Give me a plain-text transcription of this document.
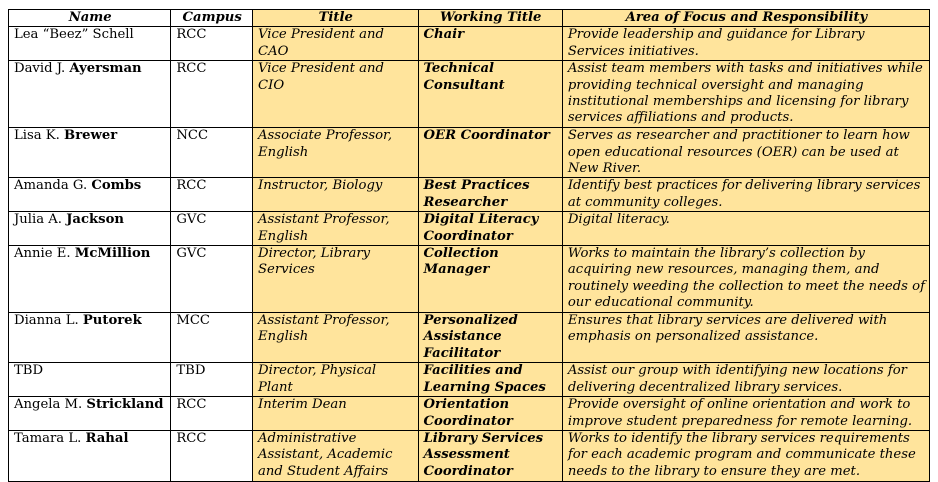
Name	Campus	Title	Working Title	Area of Focus and Responsibility
Lea “Beez” Schell	RCC	Vice President and CAO	Chair	Provide leadership and guidance for Library Services initiatives.
David J. Ayersman	RCC	Vice President and CIO	Technical Consultant	Assist team members with tasks and initiatives while providing technical oversight and managing institutional memberships and licensing for library services affiliations and products.
Lisa K. Brewer	NCC	Associate Professor, English	OER Coordinator	Serves as researcher and practitioner to learn how open educational resources (OER) can be used at New River.
Amanda G. Combs	RCC	Instructor, Biology	Best Practices Researcher	Identify best practices for delivering library services at community colleges.
Julia A. Jackson	GVC	Assistant Professor, English	Digital Literacy Coordinator	Digital literacy.
Annie E. McMillion	GVC	Director, Library Services	Collection Manager	Works to maintain the library’s collection by acquiring new resources, managing them, and routinely weeding the collection to meet the needs of our educational community.
Dianna L. Putorek	MCC	Assistant Professor, English	Personalized Assistance Facilitator	Ensures that library services are delivered with emphasis on personalized assistance.
TBD	TBD	Director, Physical Plant	Facilities and Learning Spaces	Assist our group with identifying new locations for delivering decentralized library services.
Angela M. Strickland	RCC	Interim Dean	Orientation Coordinator	Provide oversight of online orientation and work to improve student preparedness for remote learning.
Tamara L. Rahal	RCC	Administrative Assistant, Academic and Student Affairs	Library Services Assessment Coordinator	Works to identify the library services requirements for each academic program and communicate these needs to the library to ensure they are met.
